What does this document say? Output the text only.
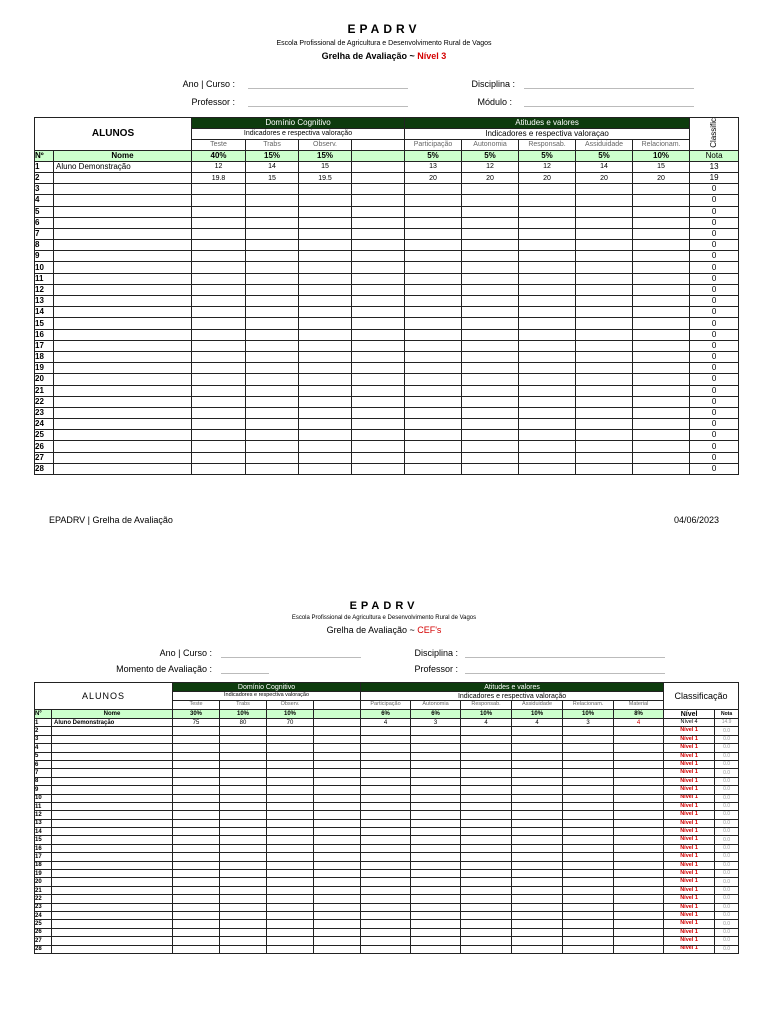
EPADRV
Escola Profissional de Agricultura e Desenvolvimento Rural de Vagos
Grelha de Avaliação ~ Nível 3
Ano | Curso :
Professor :
Disciplina :
Módulo :
ALUNOS		Domínio Cognitivo				Atitudes e valores					Classific
		Indicadores e respectiva valoração				Indicadores e respectiva valoraçao					
		Teste	Trabs	Observ.		Participação	Autonomia	Responsab.	Assiduidade	Relacionam.	
Nº	Nome	40%	15%	15%		5%	5%	5%	5%	10%	Nota
1	Aluno Demonstração	12	14	15		13	12	12	14	15	13
2		19.8	15	19.5		20	20	20	20	20	19
3											0
4											0
5											0
6											0
7											0
8											0
9											0
10											0
11											0
12											0
13											0
14											0
15											0
16											0
17											0
18											0
19											0
20											0
21											0
22											0
23											0
24											0
25											0
26											0
27											0
28											0
EPADRV | Grelha de Avaliação	04/06/2023
EPADRV
Escola Profissional de Agricultura e Desenvolvimento Rural de Vagos
Grelha de Avaliação ~ CEF's
Ano | Curso :
Momento de Avaliação :
Disciplina :
Professor :
ALUNOS		Domínio Cognitivo				Atitudes e valores						Classificação	
		Indicadores e respectiva valoração				Indicadores e respectiva valoração							
		Teste	Trabs	Observ.		Participação	Autonomia	Responsab.	Assiduidade	Relacionam.	Material		
Nº	Nome	30%	10%	10%		6%	6%	10%	10%	10%	8%	Nível	Nota
1	Aluno Demonstração	75	80	70		4	3	4	4	3	4	Nível 4	14.9
2												Nível 1	0.0
3												Nível 1	0.0
4												Nível 1	0.0
5												Nível 1	0.0
6												Nível 1	0.0
7												Nível 1	0.0
8												Nível 1	0.0
9												Nível 1	0.0
10												Nível 1	0.0
11												Nível 1	0.0
12												Nível 1	0.0
13												Nível 1	0.0
14												Nível 1	0.0
15												Nível 1	0.0
16												Nível 1	0.0
17												Nível 1	0.0
18												Nível 1	0.0
19												Nível 1	0.0
20												Nível 1	0.0
21												Nível 1	0.0
22												Nível 1	0.0
23												Nível 1	0.0
24												Nível 1	0.0
25												Nível 1	0.0
26												Nível 1	0.0
27												Nível 1	0.0
28												Nível 1	0.0
